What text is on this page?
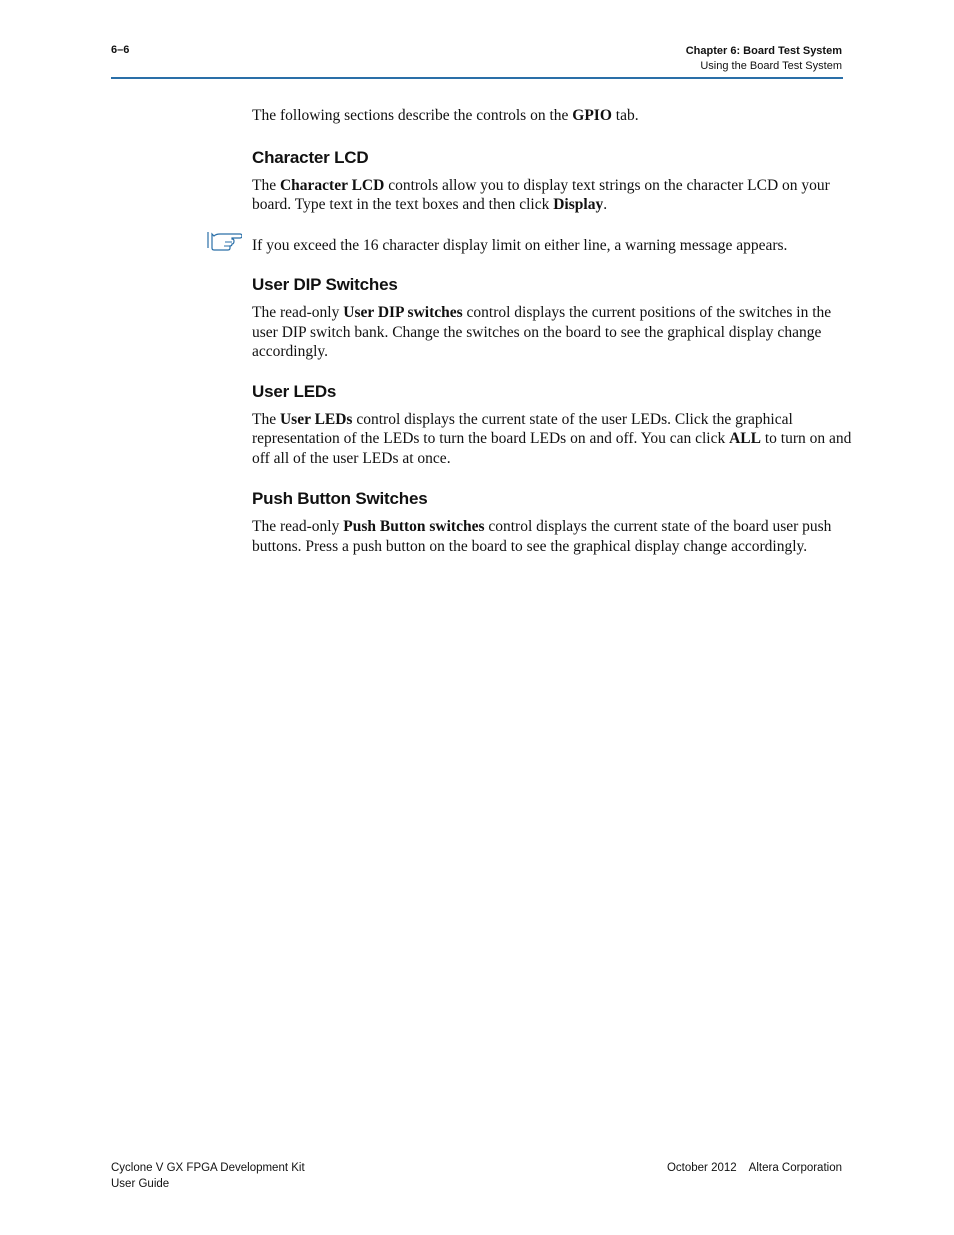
6–6	Chapter 6: Board Test System
Using the Board Test System

The following sections describe the controls on the GPIO tab.

Character LCD

The Character LCD controls allow you to display text strings on the character LCD on your board. Type text in the text boxes and then click Display.

If you exceed the 16 character display limit on either line, a warning message appears.

User DIP Switches

The read-only User DIP switches control displays the current positions of the switches in the user DIP switch bank. Change the switches on the board to see the graphical display change accordingly.

User LEDs

The User LEDs control displays the current state of the user LEDs. Click the graphical representation of the LEDs to turn the board LEDs on and off. You can click ALL to turn on and off all of the user LEDs at once.

Push Button Switches

The read-only Push Button switches control displays the current state of the board user push buttons. Press a push button on the board to see the graphical display change accordingly.

Cyclone V GX FPGA Development Kit
User Guide
October 2012 Altera Corporation
